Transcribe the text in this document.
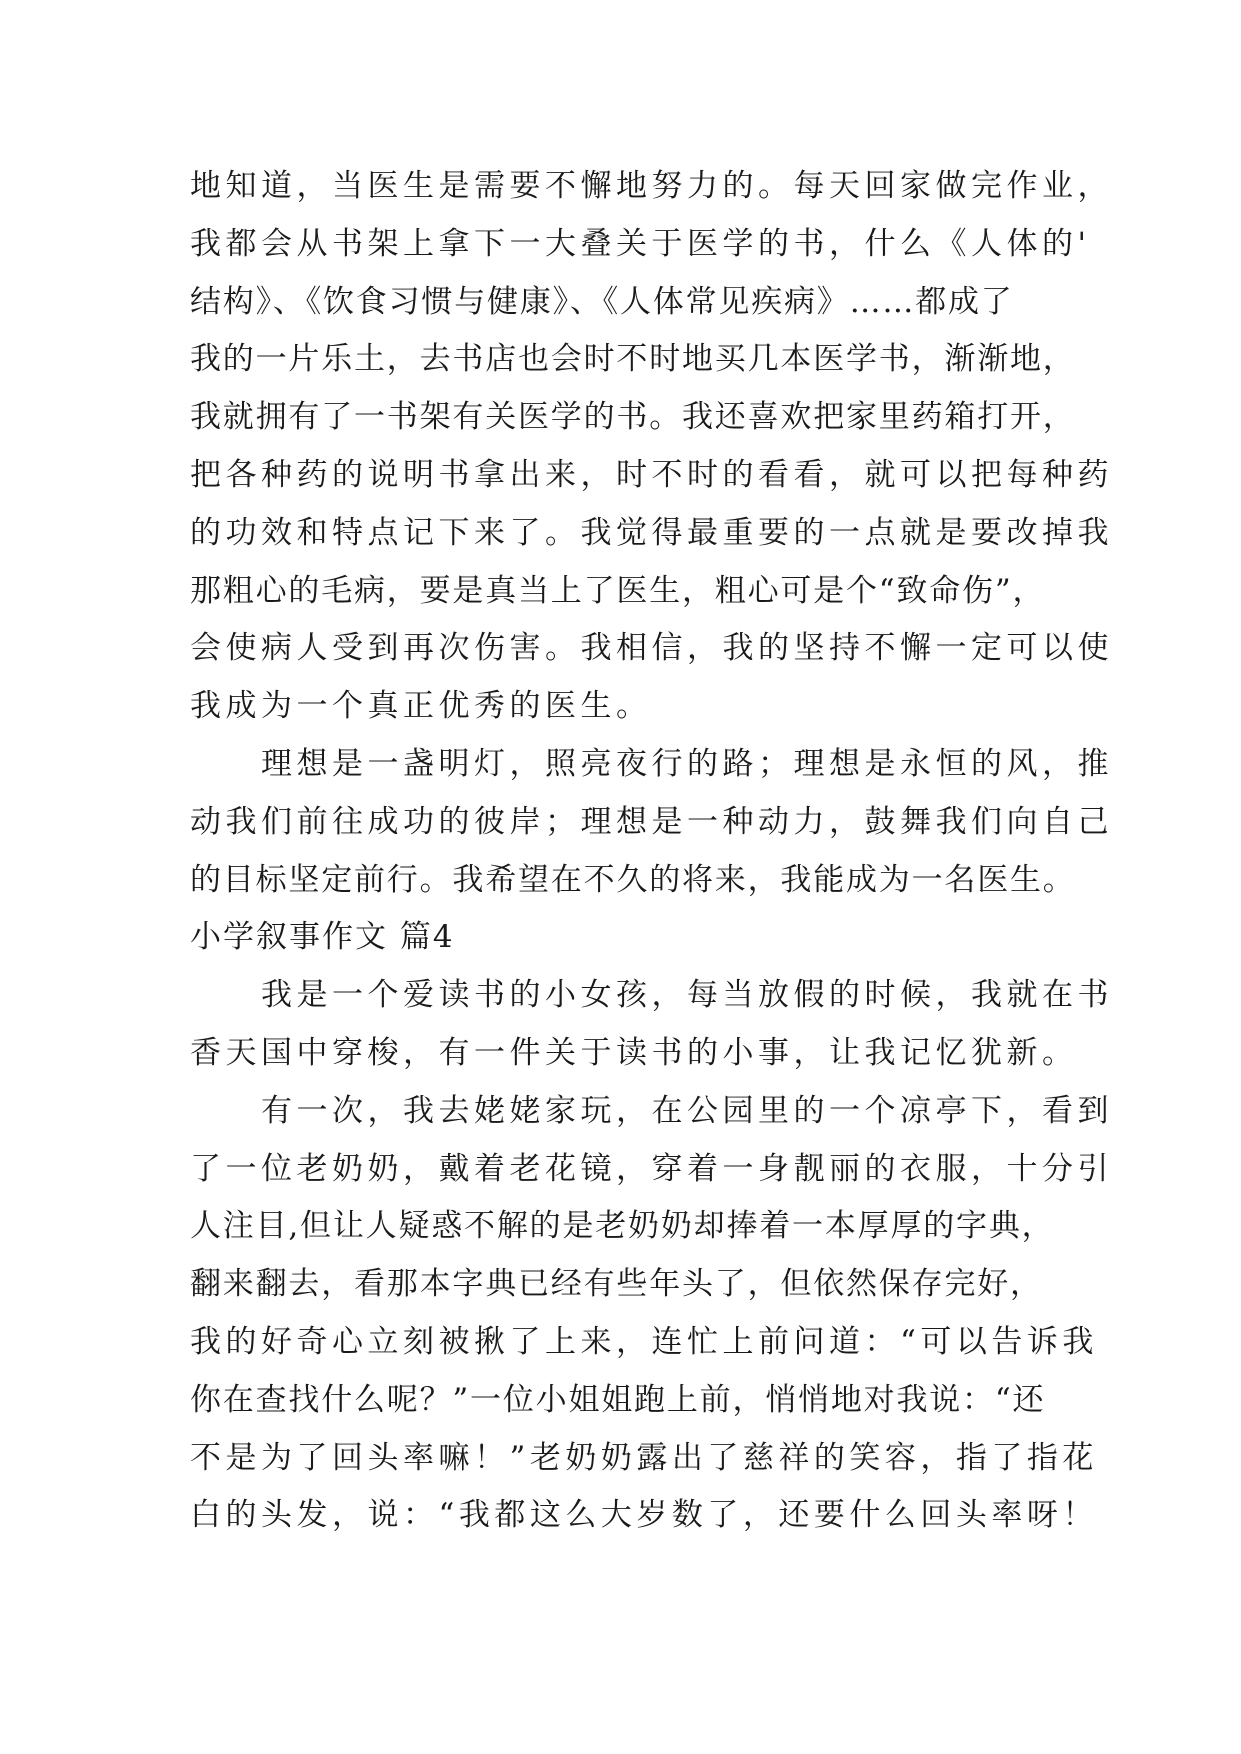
地知道，当医生是需要不懈地努力的。每天回家做完作业，
我都会从书架上拿下一大叠关于医学的书，什么《人体的'
结构》、《饮食习惯与健康》、《人体常见疾病》……都成了
我的一片乐土，去书店也会时不时地买几本医学书，渐渐地，
我就拥有了一书架有关医学的书。我还喜欢把家里药箱打开，
把各种药的说明书拿出来，时不时的看看，就可以把每种药
的功效和特点记下来了。我觉得最重要的一点就是要改掉我
那粗心的毛病，要是真当上了医生，粗心可是个“致命伤”，
会使病人受到再次伤害。我相信，我的坚持不懈一定可以使
我成为一个真正优秀的医生。
　　理想是一盏明灯，照亮夜行的路；理想是永恒的风，推
动我们前往成功的彼岸；理想是一种动力，鼓舞我们向自己
的目标坚定前行。我希望在不久的将来，我能成为一名医生。
小学叙事作文 篇4
　　我是一个爱读书的小女孩，每当放假的时候，我就在书
香天国中穿梭，有一件关于读书的小事，让我记忆犹新。
　　有一次，我去姥姥家玩，在公园里的一个凉亭下，看到
了一位老奶奶，戴着老花镜，穿着一身靓丽的衣服，十分引
人注目,但让人疑惑不解的是老奶奶却捧着一本厚厚的字典，
翻来翻去，看那本字典已经有些年头了，但依然保存完好，
我的好奇心立刻被揪了上来，连忙上前问道：“可以告诉我
你在查找什么呢？”一位小姐姐跑上前，悄悄地对我说：“还
不是为了回头率嘛！”老奶奶露出了慈祥的笑容，指了指花
白的头发，说：“我都这么大岁数了，还要什么回头率呀！
